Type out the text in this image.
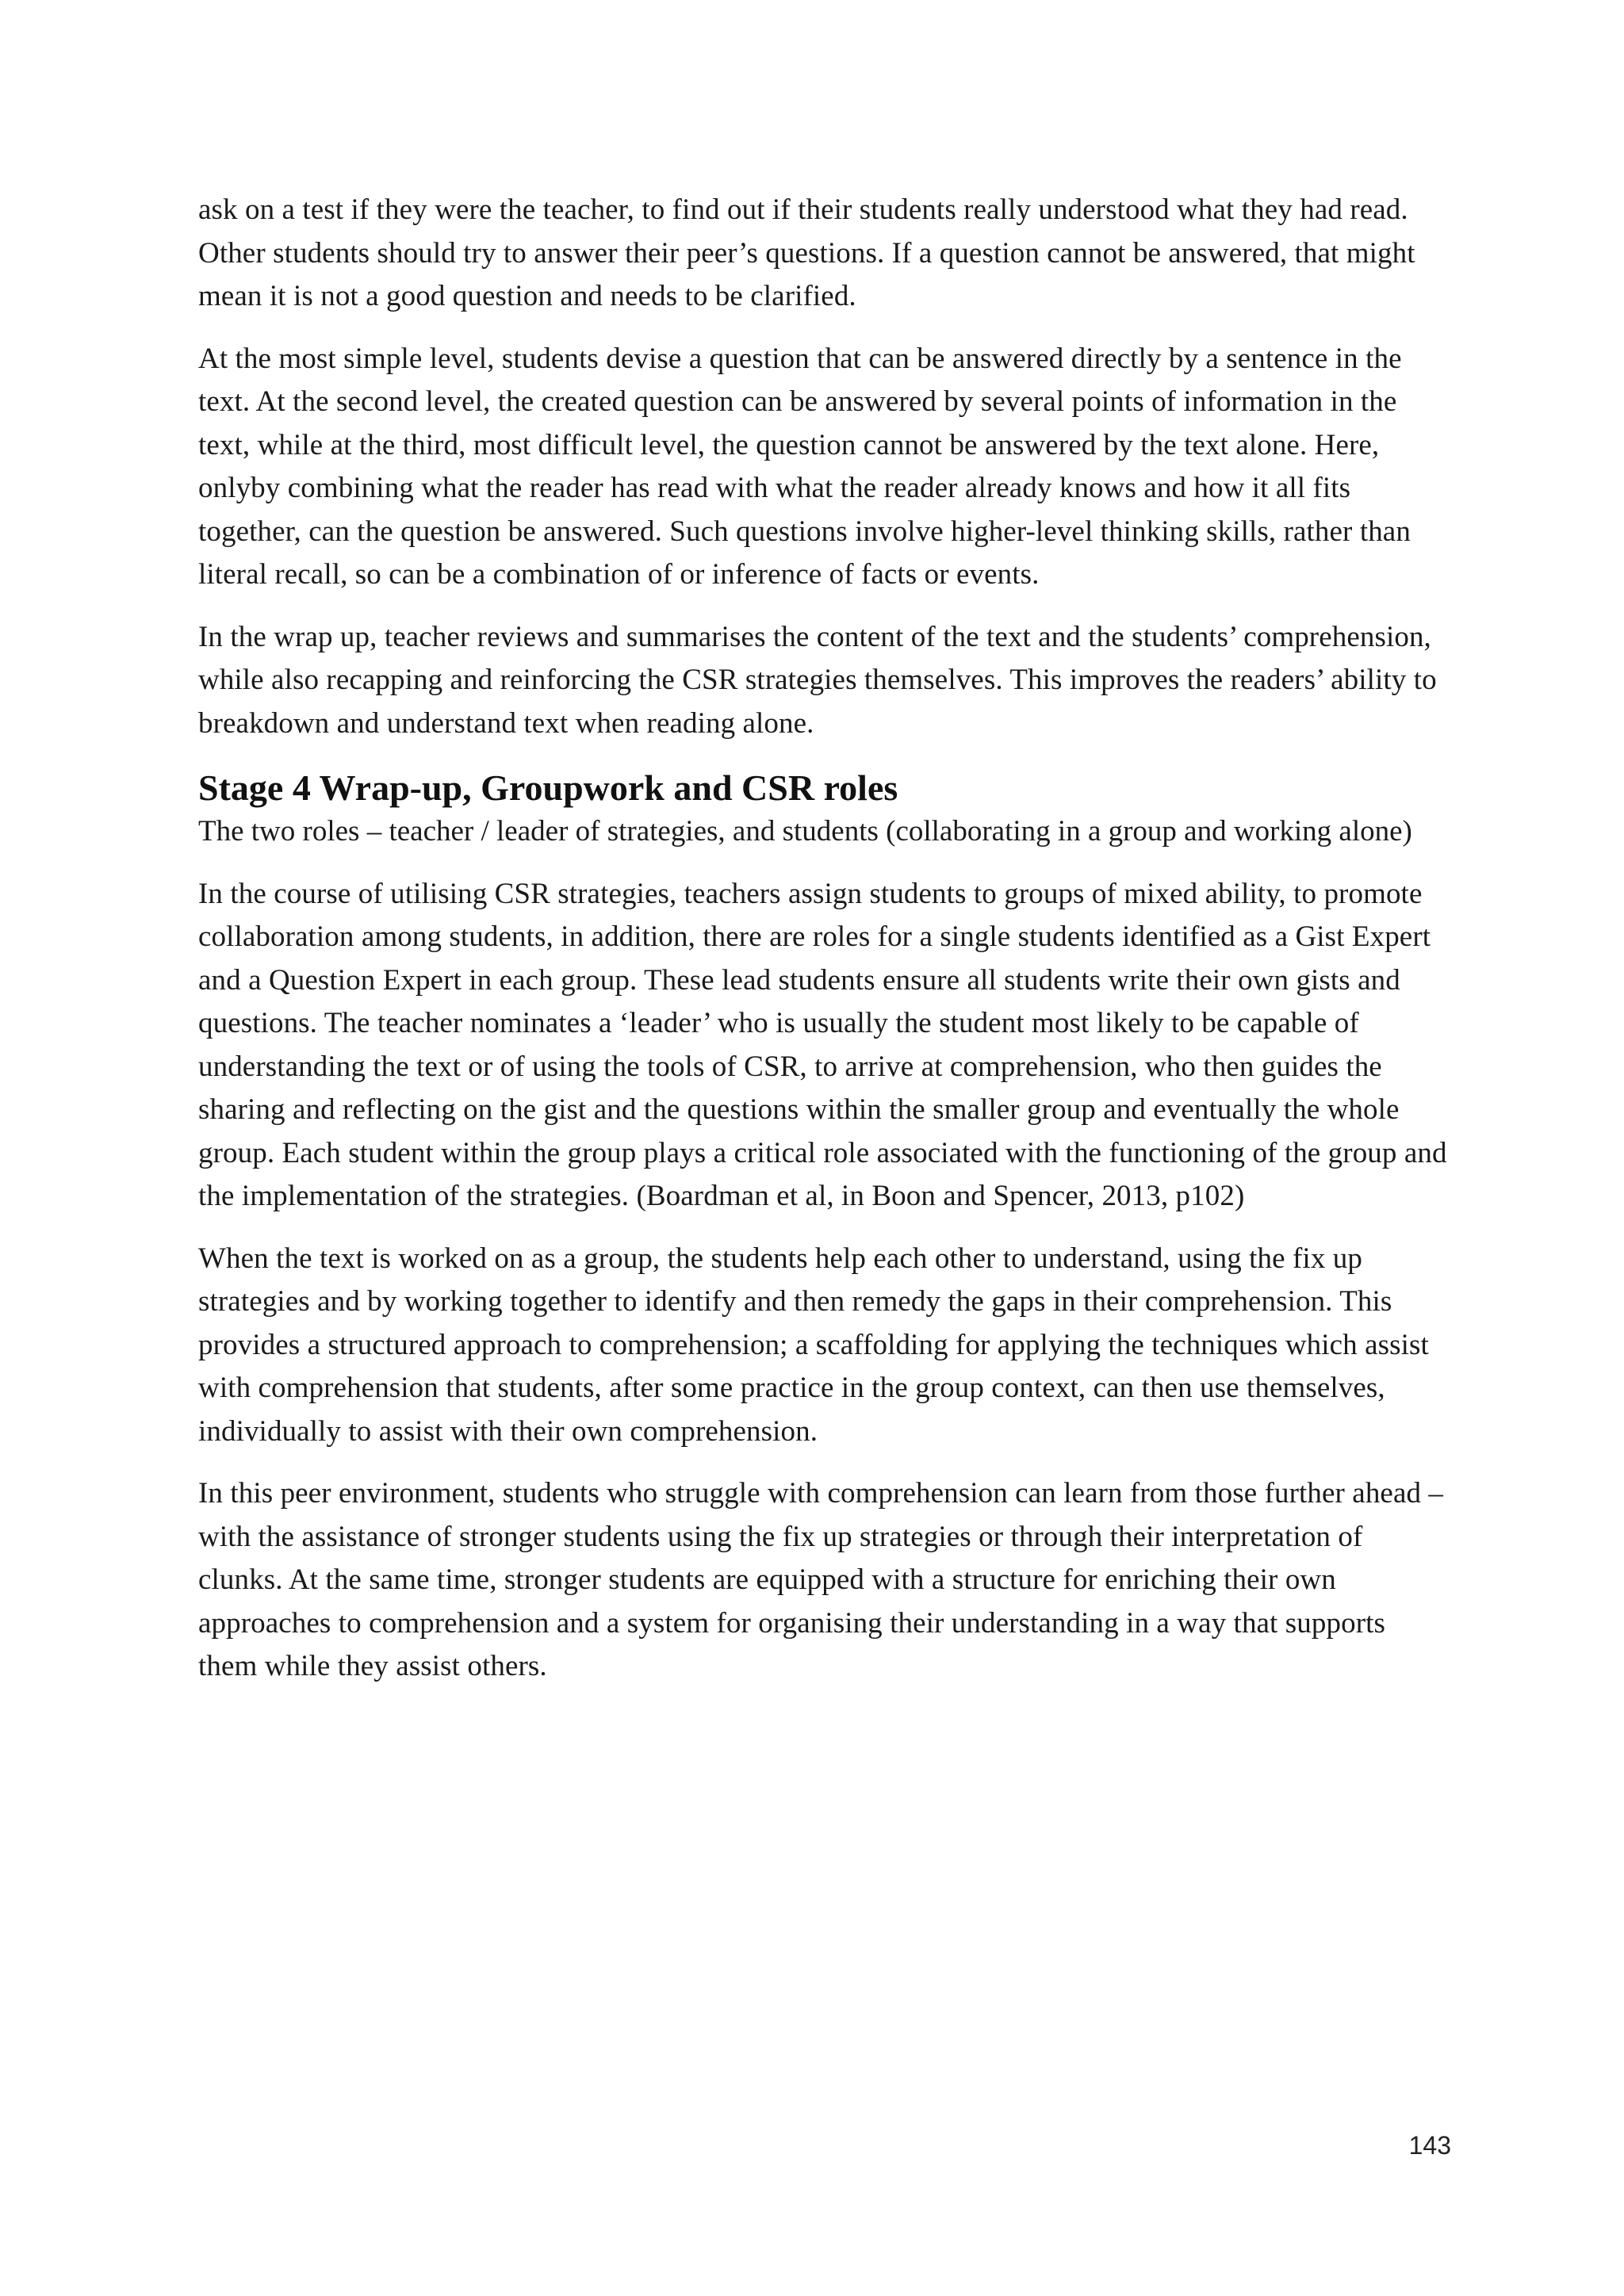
ask on a test if they were the teacher, to find out if their students really understood what they had read. Other students should try to answer their peer’s questions. If a question cannot be answered, that might mean it is not a good question and needs to be clarified.

At the most simple level, students devise a question that can be answered directly by a sentence in the text. At the second level, the created question can be answered by several points of information in the text, while at the third, most difficult level, the question cannot be answered by the text alone. Here, onlyby combining what the reader has read with what the reader already knows and how it all fits together, can the question be answered. Such questions involve higher-level thinking skills, rather than literal recall, so can be a combination of or inference of facts or events.

In the wrap up, teacher reviews and summarises the content of the text and the students’ comprehension, while also recapping and reinforcing the CSR strategies themselves. This improves the readers’ ability to breakdown and understand text when reading alone.

Stage 4 Wrap-up, Groupwork and CSR roles

The two roles – teacher / leader of strategies, and students (collaborating in a group and working alone)

In the course of utilising CSR strategies, teachers assign students to groups of mixed ability, to promote collaboration among students, in addition, there are roles for a single students identified as a Gist Expert and a Question Expert in each group. These lead students ensure all students write their own gists and questions. The teacher nominates a ‘leader’ who is usually the student most likely to be capable of understanding the text or of using the tools of CSR, to arrive at comprehension, who then guides the sharing and reflecting on the gist and the questions within the smaller group and eventually the whole group. Each student within the group plays a critical role associated with the functioning of the group and the implementation of the strategies. (Boardman et al, in Boon and Spencer, 2013, p102)

When the text is worked on as a group, the students help each other to understand, using the fix up strategies and by working together to identify and then remedy the gaps in their comprehension. This provides a structured approach to comprehension; a scaffolding for applying the techniques which assist with comprehension that students, after some practice in the group context, can then use themselves, individually to assist with their own comprehension.

In this peer environment, students who struggle with comprehension can learn from those further ahead – with the assistance of stronger students using the fix up strategies or through their interpretation of clunks. At the same time, stronger students are equipped with a structure for enriching their own approaches to comprehension and a system for organising their understanding in a way that supports them while they assist others.

143
